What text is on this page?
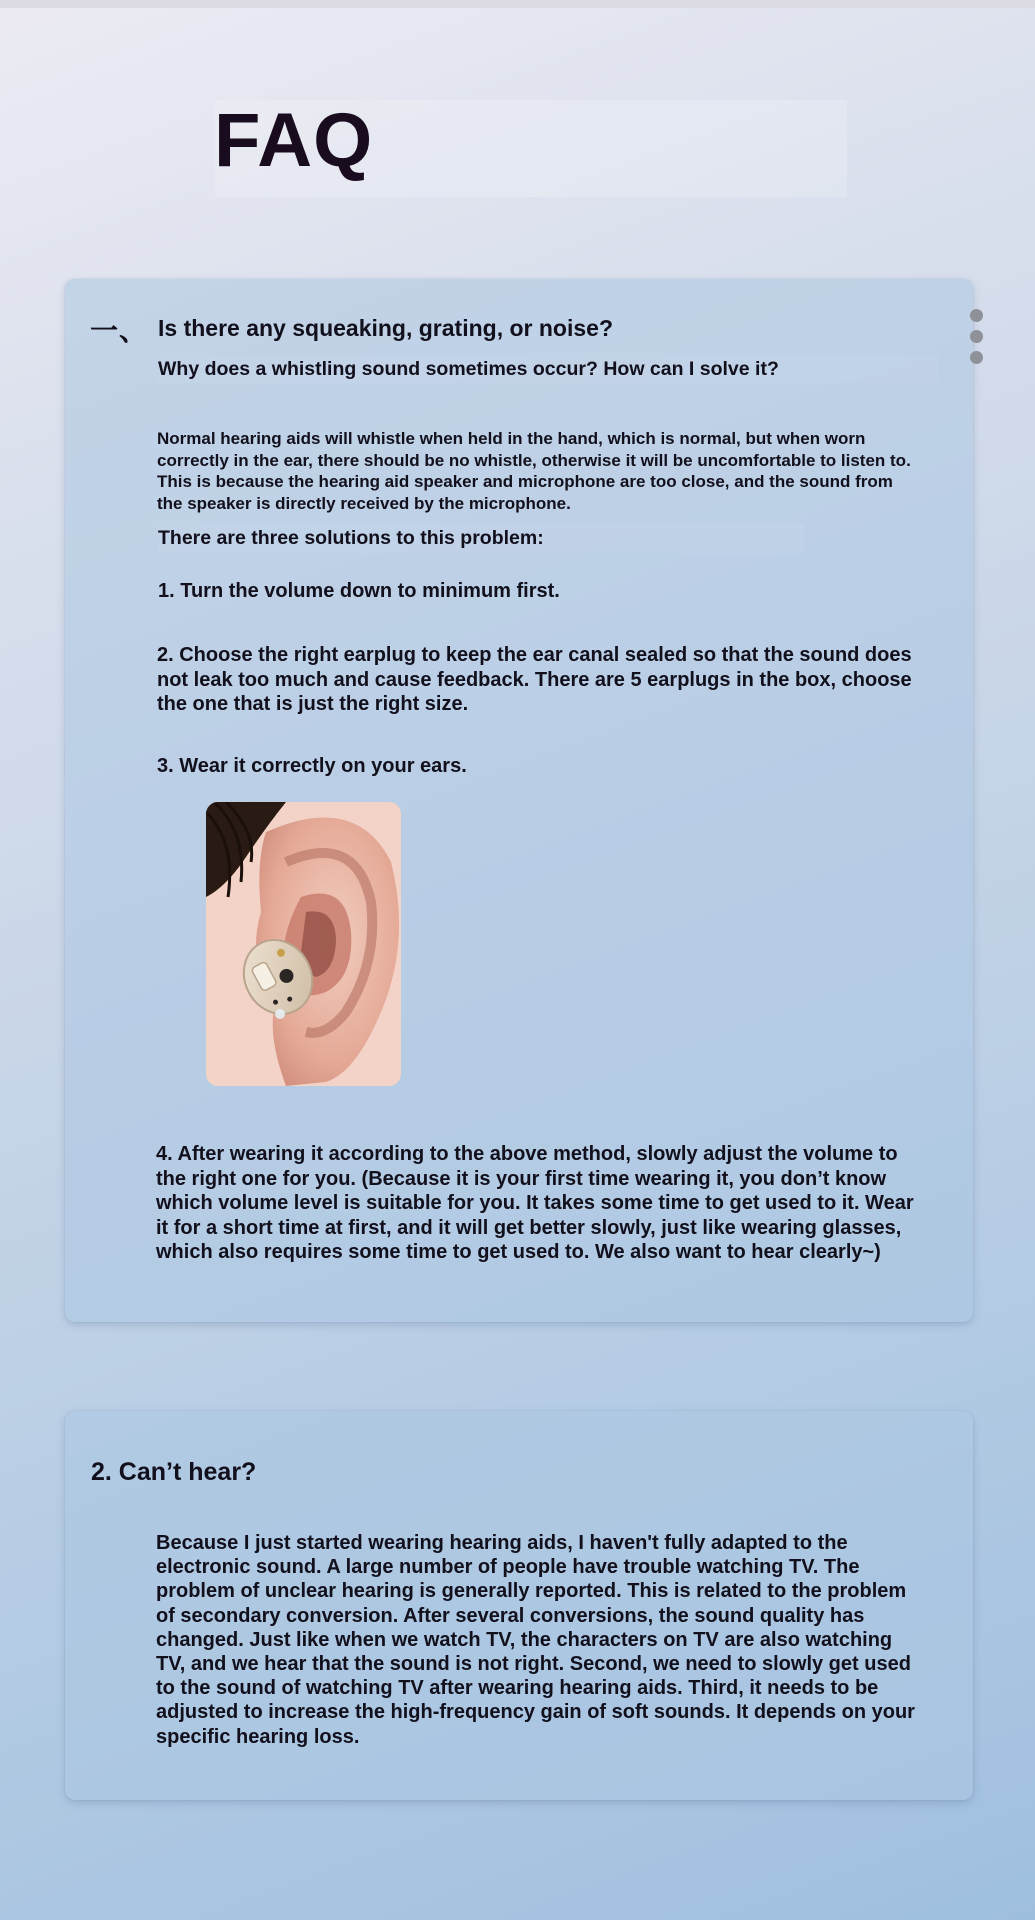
FAQ

一、 Is there any squeaking, grating, or noise?

Why does a whistling sound sometimes occur? How can I solve it?

Normal hearing aids will whistle when held in the hand, which is normal, but when worn correctly in the ear, there should be no whistle, otherwise it will be uncomfortable to listen to. This is because the hearing aid speaker and microphone are too close, and the sound from the speaker is directly received by the microphone.

There are three solutions to this problem:

1. Turn the volume down to minimum first.

2. Choose the right earplug to keep the ear canal sealed so that the sound does not leak too much and cause feedback. There are 5 earplugs in the box, choose the one that is just the right size.

3. Wear it correctly on your ears.

4. After wearing it according to the above method, slowly adjust the volume to the right one for you. (Because it is your first time wearing it, you don’t know which volume level is suitable for you. It takes some time to get used to it. Wear it for a short time at first, and it will get better slowly, just like wearing glasses, which also requires some time to get used to. We also want to hear clearly~)

2. Can’t hear?

Because I just started wearing hearing aids, I haven't fully adapted to the electronic sound. A large number of people have trouble watching TV. The problem of unclear hearing is generally reported. This is related to the problem of secondary conversion. After several conversions, the sound quality has changed. Just like when we watch TV, the characters on TV are also watching TV, and we hear that the sound is not right. Second, we need to slowly get used to the sound of watching TV after wearing hearing aids. Third, it needs to be adjusted to increase the high-frequency gain of soft sounds. It depends on your specific hearing loss.
